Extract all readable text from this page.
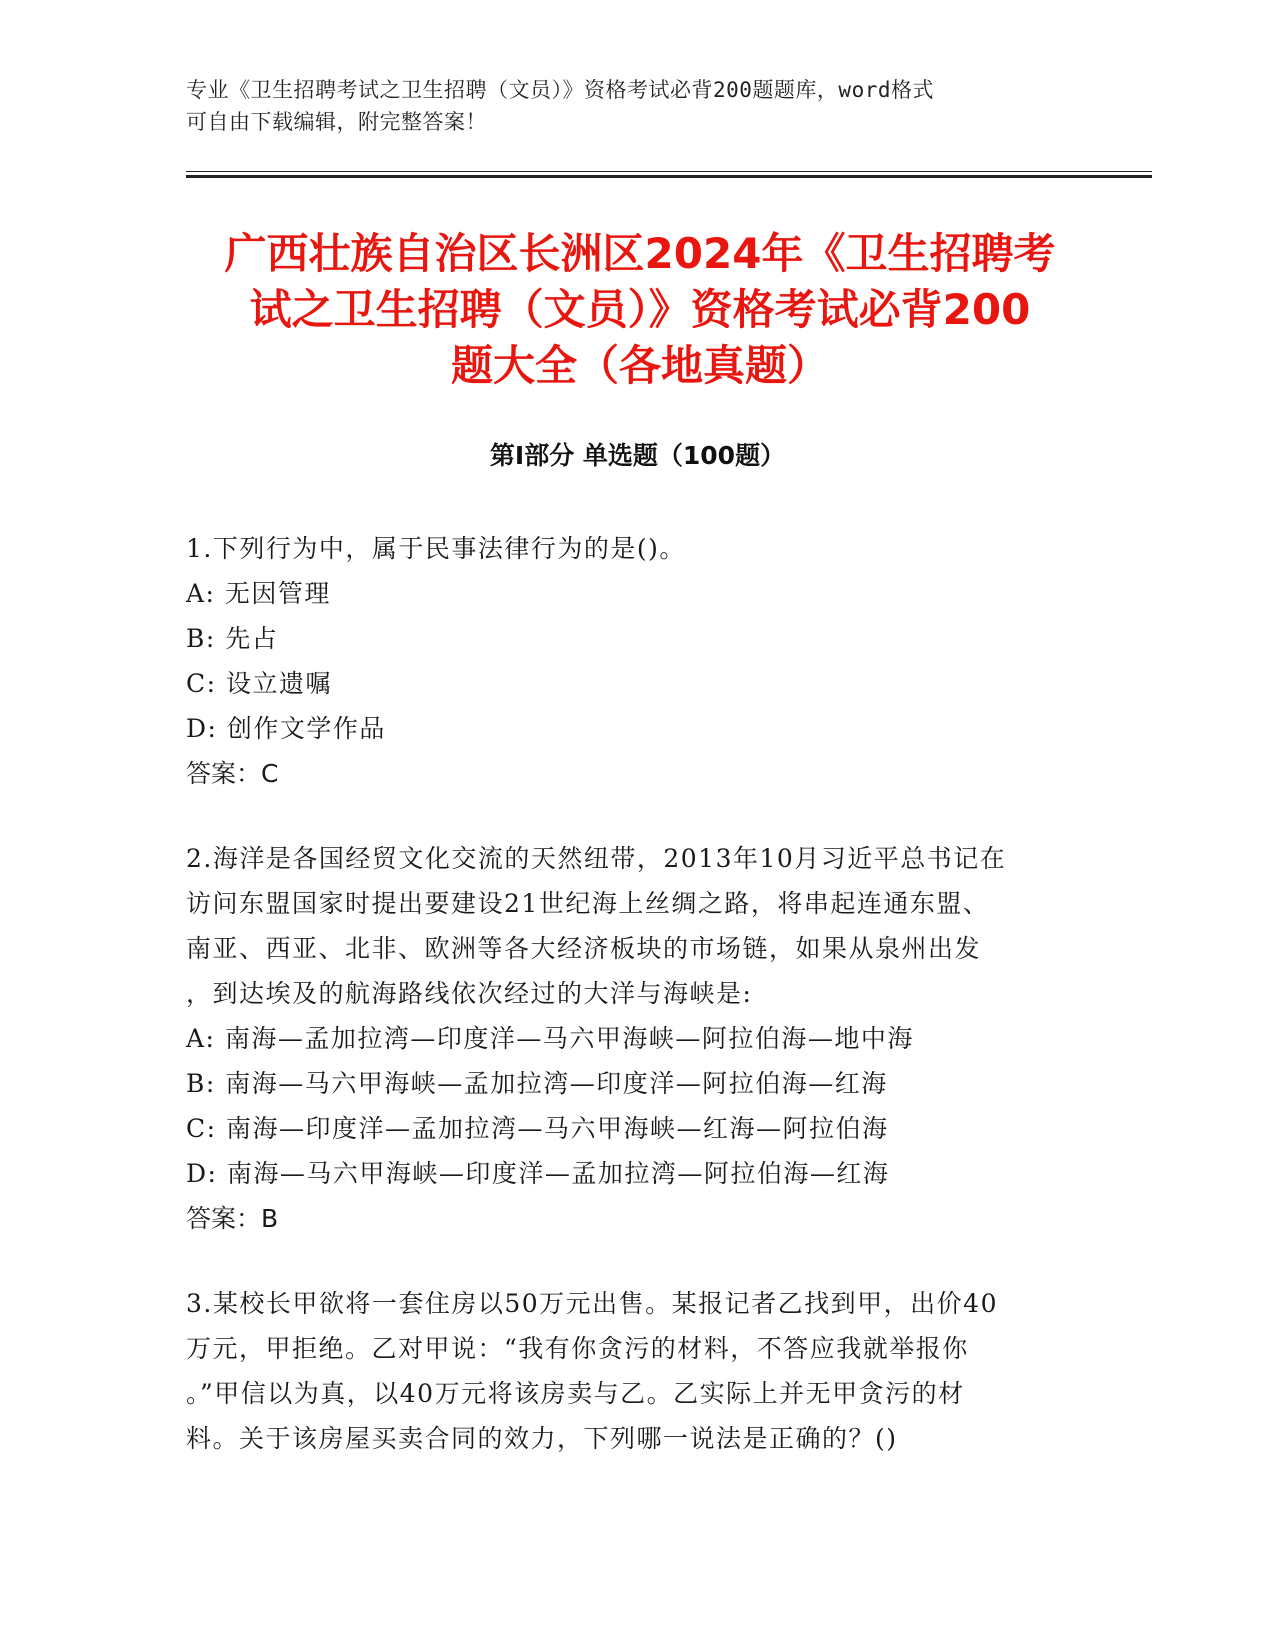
专业《卫生招聘考试之卫生招聘（文员）》资格考试必背200题题库，word格式
可自由下载编辑，附完整答案！
广西壮族自治区长洲区2024年《卫生招聘考
试之卫生招聘（文员）》资格考试必背200
题大全（各地真题）
第Ⅰ部分 单选题（100题）

1.下列行为中，属于民事法律行为的是()。

A: 无因管理

B: 先占

C: 设立遗嘱

D: 创作文学作品

答案：C

2.海洋是各国经贸文化交流的天然纽带，2013年10月习近平总书记在

访问东盟国家时提出要建设21世纪海上丝绸之路，将串起连通东盟、

南亚、西亚、北非、欧洲等各大经济板块的市场链，如果从泉州出发

，到达埃及的航海路线依次经过的大洋与海峡是:

A: 南海—孟加拉湾—印度洋—马六甲海峡—阿拉伯海—地中海

B: 南海—马六甲海峡—孟加拉湾—印度洋—阿拉伯海—红海

C: 南海—印度洋—孟加拉湾—马六甲海峡—红海—阿拉伯海

D: 南海—马六甲海峡—印度洋—孟加拉湾—阿拉伯海—红海

答案：B

3.某校长甲欲将一套住房以50万元出售。某报记者乙找到甲，出价40

万元，甲拒绝。乙对甲说：“我有你贪污的材料，不答应我就举报你

。”甲信以为真，以40万元将该房卖与乙。乙实际上并无甲贪污的材

料。关于该房屋买卖合同的效力，下列哪一说法是正确的？()
